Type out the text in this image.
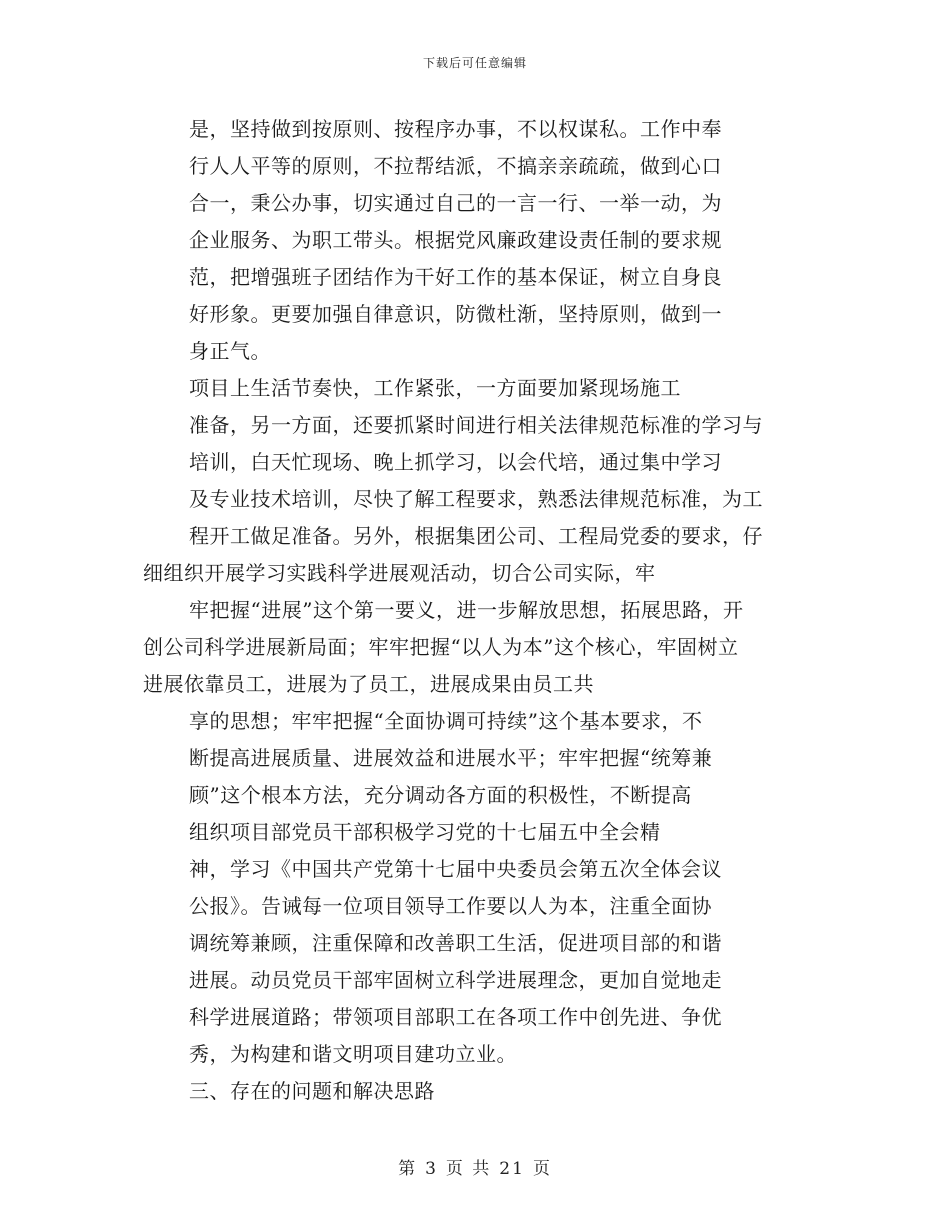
下载后可任意编辑
是，坚持做到按原则、按程序办事，不以权谋私。工作中奉
行人人平等的原则，不拉帮结派，不搞亲亲疏疏，做到心口
合一，秉公办事，切实通过自己的一言一行、一举一动，为
企业服务、为职工带头。根据党风廉政建设责任制的要求规
范，把增强班子团结作为干好工作的基本保证，树立自身良
好形象。更要加强自律意识，防微杜渐，坚持原则，做到一
身正气。
项目上生活节奏快，工作紧张，一方面要加紧现场施工
准备，另一方面，还要抓紧时间进行相关法律规范标准的学习与
培训，白天忙现场、晚上抓学习，以会代培，通过集中学习
及专业技术培训，尽快了解工程要求，熟悉法律规范标准，为工
程开工做足准备。另外，根据集团公司、工程局党委的要求，仔
细组织开展学习实践科学进展观活动，切合公司实际，牢
牢把握“进展”这个第一要义，进一步解放思想，拓展思路，开
创公司科学进展新局面；牢牢把握“以人为本”这个核心，牢固树立
进展依靠员工，进展为了员工，进展成果由员工共
享的思想；牢牢把握“全面协调可持续”这个基本要求，不
断提高进展质量、进展效益和进展水平；牢牢把握“统筹兼
顾”这个根本方法，充分调动各方面的积极性，不断提高
组织项目部党员干部积极学习党的十七届五中全会精
神，学习《中国共产党第十七届中央委员会第五次全体会议
公报》。告诫每一位项目领导工作要以人为本，注重全面协
调统筹兼顾，注重保障和改善职工生活，促进项目部的和谐
进展。动员党员干部牢固树立科学进展理念，更加自觉地走
科学进展道路；带领项目部职工在各项工作中创先进、争优
秀，为构建和谐文明项目建功立业。
三、存在的问题和解决思路
第 3 页 共 21 页
